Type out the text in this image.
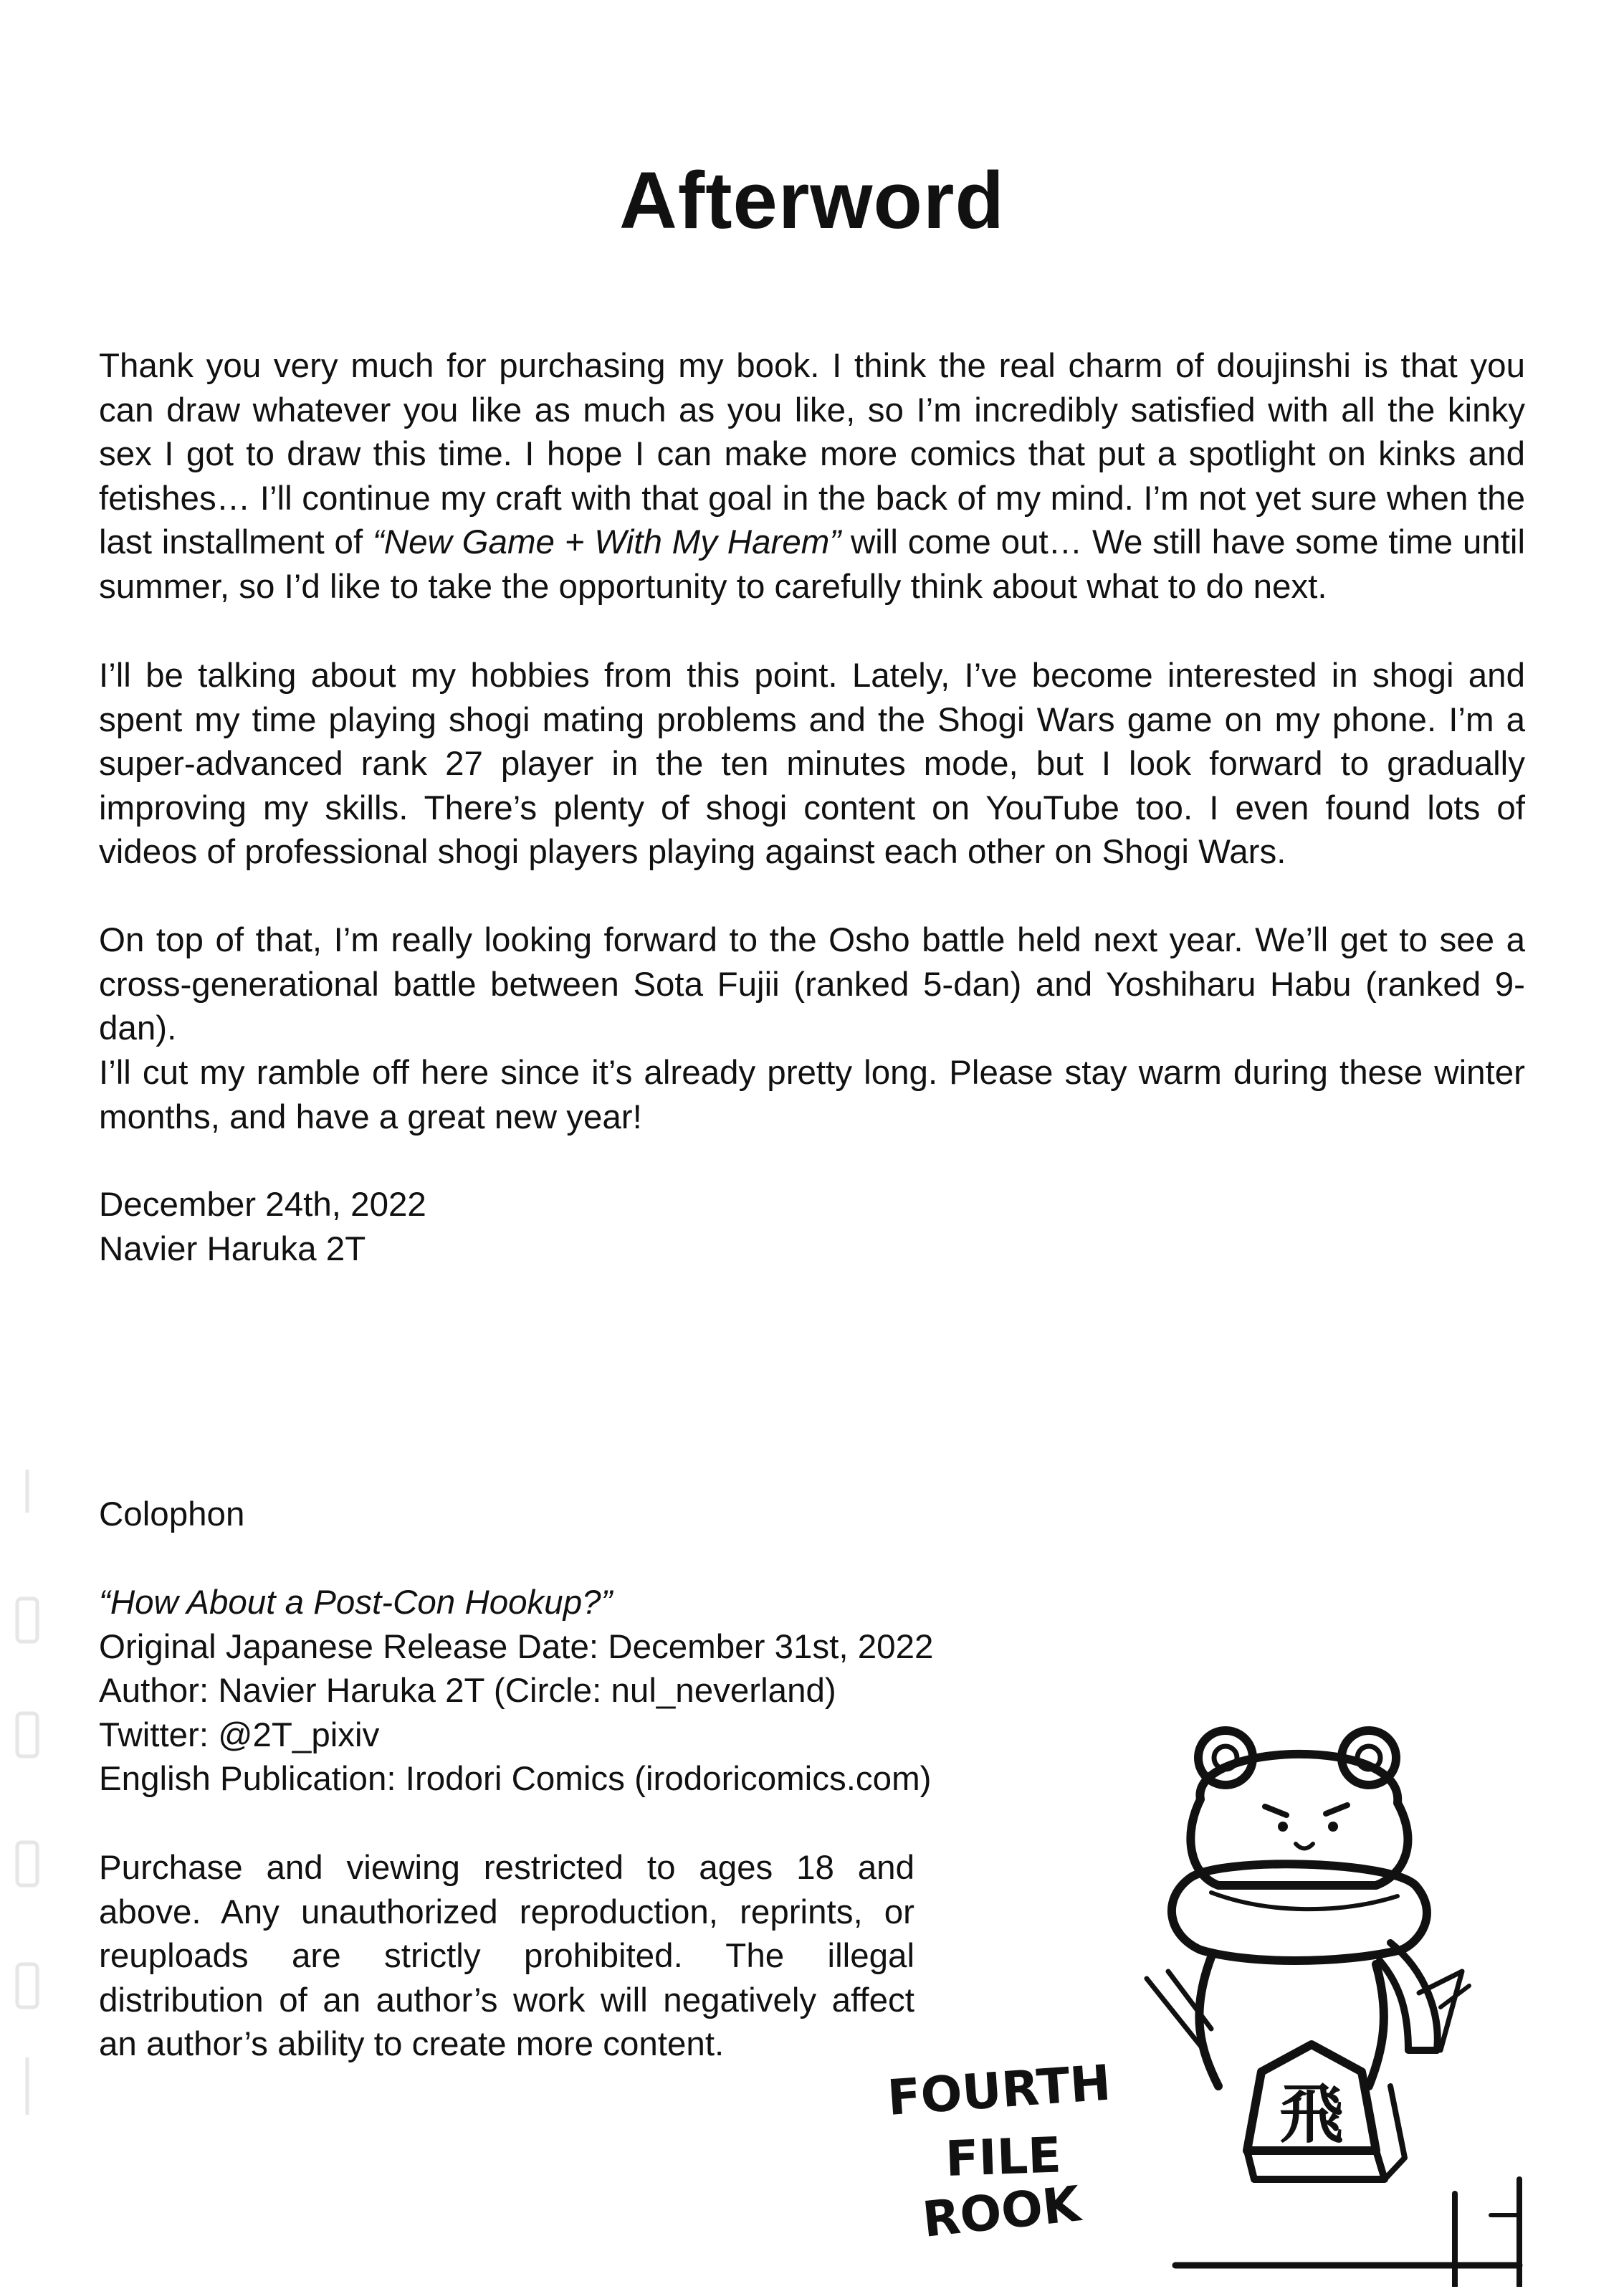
Afterword

Thank you very much for purchasing my book. I think the real charm of doujinshi is that you can draw whatever you like as much as you like, so I’m incredibly satisfied with all the kinky sex I got to draw this time. I hope I can make more comics that put a spotlight on kinks and fetishes… I’ll continue my craft with that goal in the back of my mind. I’m not yet sure when the last installment of “New Game + With My Harem” will come out… We still have some time until summer, so I’d like to take the opportunity to carefully think about what to do next.

I’ll be talking about my hobbies from this point. Lately, I’ve become interested in shogi and spent my time playing shogi mating problems and the Shogi Wars game on my phone. I’m a super-advanced rank 27 player in the ten minutes mode, but I look forward to gradually improving my skills. There’s plenty of shogi content on YouTube too. I even found lots of videos of professional shogi players playing against each other on Shogi Wars.

On top of that, I’m really looking forward to the Osho battle held next year. We’ll get to see a cross-generational battle between Sota Fujii (ranked 5-dan) and Yoshiharu Habu (ranked 9-dan).

I’ll cut my ramble off here since it’s already pretty long. Please stay warm during these winter months, and have a great new year!

December 24th, 2022
Navier Haruka 2T
Colophon
“How About a Post-Con Hookup?”
Original Japanese Release Date: December 31st, 2022
Author: Navier Haruka 2T (Circle: nul_neverland)
Twitter: @2T_pixiv
English Publication: Irodori Comics (irodoricomics.com)

Purchase and viewing restricted to ages 18 and above. Any unauthorized reproduction, reprints, or reuploads are strictly prohibited. The illegal distribution of an author’s work will negatively affect an author’s ability to create more content.

飛
FOURTH
FILE
ROOK
